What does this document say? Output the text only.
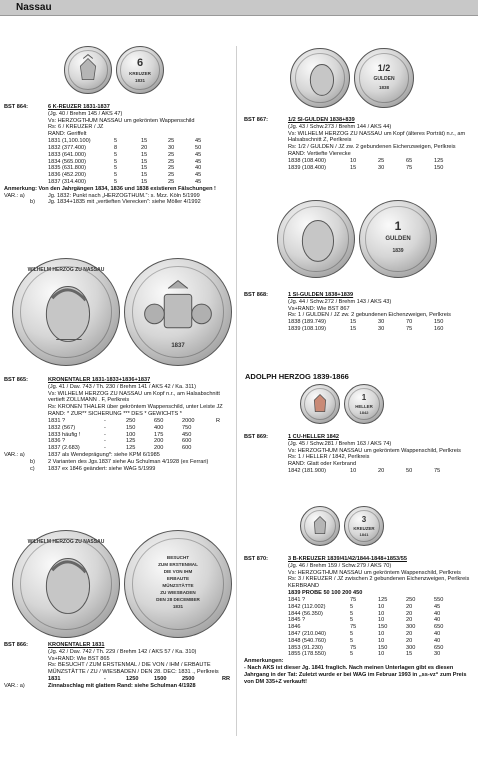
Nassau
6
KREUZER
1831
WILHELM HERZOG ZU NASSAU
1837
WILHELM HERZOG ZU NASSAU
BESUCHT
ZUM ERSTENMAL
DIE VON IHM
ERBAUTE
MÜNZSTÄTTE
ZU WIESBADEN
DEN 28 DECEMBER
1831
1/2
GULDEN
1838
1
GULDEN
1839
1
HELLER
1842
3
KREUZER
1841
BST 864:	6 K-REUZER 1831-1837
(Jg. 40 / Brehm 145 / AKS 47)
Vs: HERZOGTHUM NASSAU um gekrönten Wappenschild
Rs: 6 / KREUZER / JZ
RAND: Geriffelt
1831 (1,100.100)	5	15	25	45
1832 (377.400)	8	20	30	50
1833 (641.000)	5	15	25	45
1834 (565.000)	5	15	25	45
1835 (631.800)	5	15	25	40
1836 (452.200)	5	15	25	45
1837 (314.400)	5	15	25	45
Anmerkung: Von den Jahrgängen 1834, 1836 und 1838 existieren Fälschungen !
VAR.: a)	Jg. 1832: Punkt nach „HERZOGTHUM.“: s. Mzz. Köln 5/1999
b)	Jg. 1834+1835 mit „vertieften Vierecken“: siehe Möller 4/1992
BST 865:	KRONENTALER 1831-1833+1836+1837
(Jg. 41 / Dav. 743 / Th. 230 / Brehm 141 / AKS 42 / Ka. 311)
Vs: WILHELM HERZOG ZU NASSAU um Kopf n.r., am Halsabschnitt vertieft ZOLLMANN . F, Perlkreis
Rs: KRONEN THALER über gekröntem Wappenschild, unter Leiste JZ
RAND: * ZUR** SICHERUNG *** DES * GEWICHTS *
1831 ?	-	250	650	2000	R
1832 (567)	-	150	400	750
1833 häufig !	-	100	175	450
1836 ?	-	125	200	600
1837 (2.683)	-	125	200	600
VAR.: a)	1837 als Wendeprägung*: siehe KPM 6/1985
b)	2 Varianten des Jgs.1837 siehe Au Schulman 4/1928 (ex Ferrari)
c)	1837 ex 1846 geändert: siehe WAG 5/1999
BST 866:	KRONENTALER 1831
(Jg. 42 / Dav. 742 / Th. 229 / Brehm 142 / AKS 57 / Ka. 310)
Vs+RAND: Wie BST 865
Rs: BESUCHT / ZUM ERSTENMAL / DIE VON / IHM / ERBAUTE MÜNZSTÄTTE / ZU / WIESBADEN / DEN 28. DEC: 1831 ., Perlkreis
1831	-	1250	1500	2500	RR
VAR.: a)	Zinnabschlag mit glattem Rand: siehe Schulman 4/1928
BST 867:	1/2 SI-GULDEN 1838+839
(Jg. 43 / Schw.273 / Brehm 144 / AKS 44)
Vs: WILHELM HERZOG ZU NASSAU um Kopf (älteres Porträt) n.r., am Halsabschnitt Z, Perlkreis
Rs: 1/2 / GULDEN / JZ zw. 2 gebundenen Eichenzweigen, Perlkreis
RAND: Vertiefte Vierecke
1838 (108.400)	10	25	65	125
1839 (108.400)	15	30	75	150
BST 868:	1 SI-GULDEN 1838+1839
(Jg. 44 / Schw.272 / Brehm 143 / AKS 43)
Vs+RAND: Wie BST 867
Rs: 1 / GULDEN / JZ zw. 2 gebundenen Eichenzweigen, Perlkreis
1838 (189.749)	15	30	70	150
1839 (108.109)	15	30	75	160
ADOLPH HERZOG 1839-1866
BST 869:	1 CU-HELLER 1842
(Jg. 45 / Schw.281 / Brehm 163 / AKS 74)
Vs: HERZOGTHUM NASSAU um gekröntem Wappenschild, Perlkreis
Rs: 1 / HELLER / 1842, Perlkreis
RAND: Glatt oder Kerbrand
1842 (181.900)	10	20	50	75
BST 870:	3 B-KREUZER 1839/41/42/1844-1848+1853/55
(Jg. 46 / Brehm 159 / Schw.279 / AKS 70)
Vs: HERZOGTHUM NASSAU um gekröntem Wappenschild, Perlkreis
Rs: 3 / KREUZER / JZ zwischen 2 gebundenen Eichenzweigen, Perlkreis
KERBRAND
1839 PROBE 50 100 200 450
1841 ?	75	125	250	550
1842 (112.002)	5	10	20	45
1844 (56.350)	5	10	20	40
1845 ?	5	10	20	40
1846	75	150	300	650
1847 (210.040)	5	10	20	40
1848 (540.760)	5	10	20	40
1853 (91.230)	75	150	300	650
1855 (178.550)	5	10	15	30
Anmerkungen:
- Nach AKS ist dieser Jg. 1841 fraglich. Nach meinen Unterlagen gibt es diesen Jahrgang in der Tat: Zuletzt wurde er bei WAG im Februar 1993 in „ss-vz“ zum Preis von DM 335+Z verkauft!
